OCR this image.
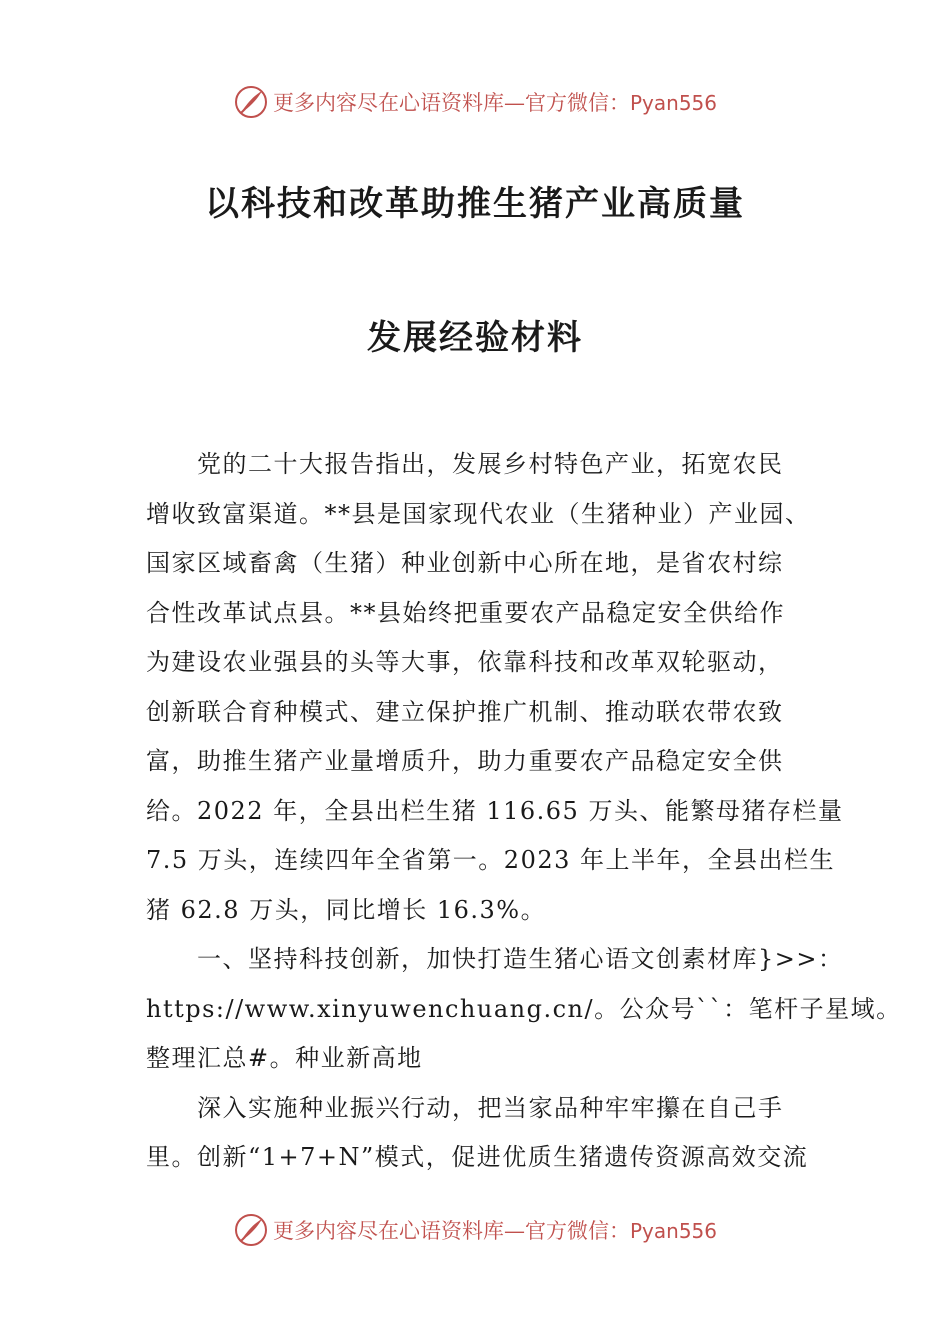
更多内容尽在心语资料库—官方微信：Pyan556
以科技和改革助推生猪产业高质量
发展经验材料
　　党的二十大报告指出，发展乡村特色产业，拓宽农民
增收致富渠道。**县是国家现代农业（生猪种业）产业园、
国家区域畜禽（生猪）种业创新中心所在地，是省农村综
合性改革试点县。**县始终把重要农产品稳定安全供给作
为建设农业强县的头等大事，依靠科技和改革双轮驱动，
创新联合育种模式、建立保护推广机制、推动联农带农致
富，助推生猪产业量增质升，助力重要农产品稳定安全供
给。2022 年，全县出栏生猪 116.65 万头、能繁母猪存栏量
7.5 万头，连续四年全省第一。2023 年上半年，全县出栏生
猪 62.8 万头，同比增长 16.3%。
　　一、坚持科技创新，加快打造生猪心语文创素材库}>>：
https://www.xinyuwenchuang.cn/。公众号``：笔杆子星域。
整理汇总#。种业新高地
　　深入实施种业振兴行动，把当家品种牢牢攥在自己手
里。创新“1+7+N”模式，促进优质生猪遗传资源高效交流
更多内容尽在心语资料库—官方微信：Pyan556
